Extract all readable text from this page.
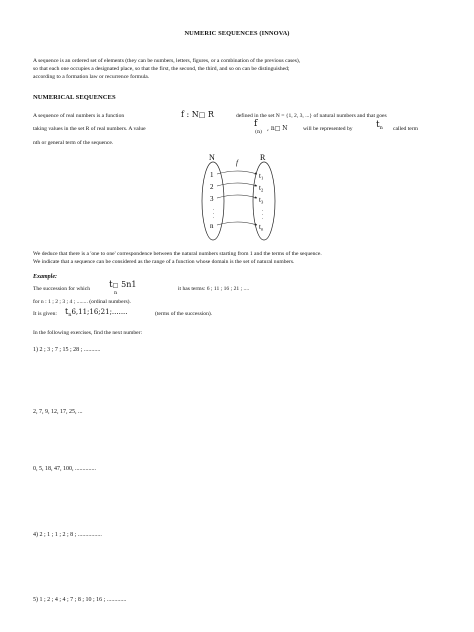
NUMERIC SEQUENCES (INNOVA)
A sequence is an ordered set of elements (they can be numbers, letters, figures, or a combination of the previous cases),
so that each one occupies a designated place, so that the first, the second, the third, and so on can be distinguished;
according to a formation law or recurrence formula.
NUMERICAL SEQUENCES
A sequence of real numbers is a function	f : N□ R	defined in the set N = {1, 2, 3, ...} of natural numbers and that goes
taking values in the set R of real numbers. A value	f
$^{(n)}$ , n□ N	will be represented by	$t_n$ called term
nth or general term of the sequence.
N	R
f
1
2
3
.
.
.
n
$t_1$
$t_2$
$t_3$
.
.
.
$t_n$
We deduce that there is a 'one to one' correspondence between the natural numbers starting from 1 and the terms of the sequence.
We indicate that a sequence can be considered as the range of a function whose domain is the set of natural numbers.
Example:
The succession for which t□ 5n1
n
it has terms: 6 ; 11 ; 16 ; 21 ; ....
for n : 1 ; 2 ; 3 ; 4 ; ........ (ordinal numbers).
It is given: $t_n6,11;16;21$;.......	(terms of the succession).
In the following exercises, find the next number:
1) 2 ; 3 ; 7 ; 15 ; 28 ; ...........
2, 7, 9, 12, 17, 25, ...
0, 5, 18, 47, 100, ..............
4) 2 ; 1 ; 1 ; 2 ; 8 ; ................
5) 1 ; 2 ; 4 ; 4 ; 7 ; 8 ; 10 ; 16 ; .............
